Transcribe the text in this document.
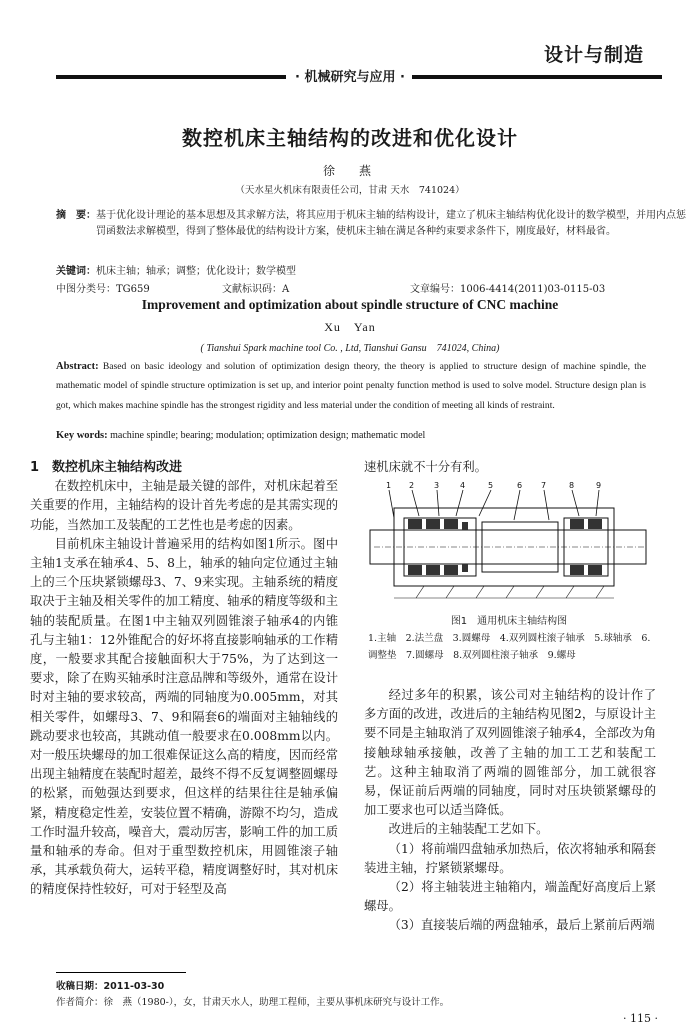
设计与制造
· 机械研究与应用 ·
数控机床主轴结构的改进和优化设计
徐　燕
（天水星火机床有限责任公司，甘肃 天水　741024）
摘　要：基于优化设计理论的基本思想及其求解方法，将其应用于机床主轴的结构设计，建立了机床主轴结构优化设计的数学模型，并用内点惩罚函数法求解模型，得到了整体最优的结构设计方案，使机床主轴在满足各种约束要求条件下，刚度最好，材料最省。
关键词：机床主轴；轴承；调整；优化设计；数学模型
中图分类号：TG659	文献标识码：A	文章编号：1006-4414(2011)03-0115-03
Improvement and optimization about spindle structure of CNC machine
Xu　Yan
( Tianshui Spark machine tool Co. , Ltd, Tianshui Gansu　741024, China)
Abstract: Based on basic ideology and solution of optimization design theory, the theory is applied to structure design of machine spindle, the mathematic model of spindle structure optimization is set up, and interior point penalty function method is used to solve model. Structure design plan is got, which makes machine spindle has the strongest rigidity and less material under the condition of meeting all kinds of restraint.
Key words: machine spindle; bearing; modulation; optimization design; mathematic model
1　数控机床主轴结构改进

在数控机床中，主轴是最关键的部件，对机床起着至关重要的作用，主轴结构的设计首先考虑的是其需实现的功能，当然加工及装配的工艺性也是考虑的因素。

目前机床主轴设计普遍采用的结构如图1所示。图中主轴1支承在轴承4、5、8上，轴承的轴向定位通过主轴上的三个压块紧锁螺母3、7、9来实现。主轴系统的精度取决于主轴及相关零件的加工精度、轴承的精度等级和主轴的装配质量。在图1中主轴双列圆锥滚子轴承4的内锥孔与主轴1：12外锥配合的好坏将直接影响轴承的工作精度，一般要求其配合接触面积大于75%，为了达到这一要求，除了在购买轴承时注意品牌和等级外，通常在设计时对主轴的要求较高，两端的同轴度为0.005mm，对其相关零件，如螺母3、7、9和隔套6的端面对主轴轴线的跳动要求也较高，其跳动值一般要求在0.008mm以内。对一般压块螺母的加工很难保证这么高的精度，因而经常出现主轴精度在装配时超差，最终不得不反复调整圆螺母的松紧，而勉强达到要求，但这样的结果往往是轴承偏紧，精度稳定性差，安装位置不精确，游隙不均匀，造成工作时温升较高，噪音大，震动厉害，影响工件的加工质量和轴承的寿命。但对于重型数控机床，用圆锥滚子轴承，其承载负荷大，运转平稳，精度调整好时，其对机床的精度保持性较好，可对于轻型及高

速机床就不十分有利。

1 2 3	4	5	6 7	8	9
图1　通用机床主轴结构图
1.主轴　2.法兰盘　3.圆螺母　4.双列圆柱滚子轴承　5.球轴承　6.调整垫　7.圆螺母　8.双列圆柱滚子轴承　9.螺母

经过多年的积累，该公司对主轴结构的设计作了多方面的改进，改进后的主轴结构见图2，与原设计主要不同是主轴取消了双列圆锥滚子轴承4，全部改为角接触球轴承接触，改善了主轴的加工工艺和装配工艺。这种主轴取消了两端的圆锥部分，加工就很容易，保证前后两端的同轴度，同时对压块锁紧螺母的加工要求也可以适当降低。

改进后的主轴装配工艺如下。

（1）将前端四盘轴承加热后，依次将轴承和隔套装进主轴，拧紧锁紧螺母。

（2）将主轴装进主轴箱内，端盖配好高度后上紧螺母。

（3）直接装后端的两盘轴承，最后上紧前后两端

收稿日期：2011-03-30
作者简介：徐　燕（1980-），女，甘肃天水人，助理工程师，主要从事机床研究与设计工作。
· 115 ·
